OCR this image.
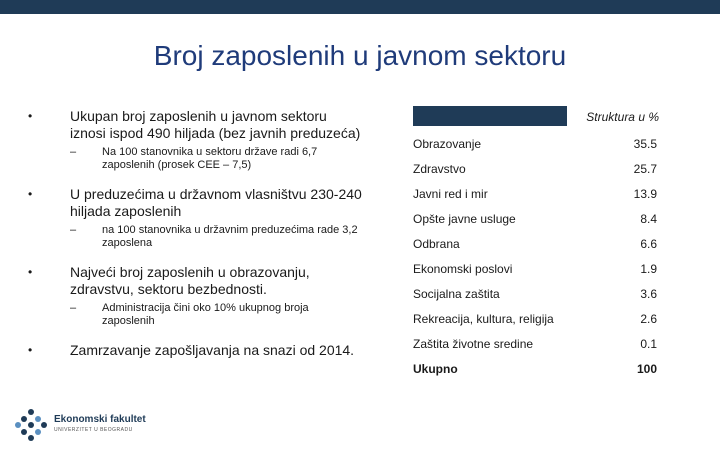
Broj zaposlenih u javnom sektoru
•	Ukupan broj zaposlenih u javnom sektoru iznosi ispod 490 hiljada (bez javnih preduzeća)
–	Na 100 stanovnika u sektoru države radi 6,7 zaposlenih (prosek CEE – 7,5)
•	U preduzećima u državnom vlasništvu 230-240 hiljada zaposlenih
–	na 100 stanovnika u državnim preduzećima rade 3,2 zaposlena
•	Najveći broj zaposlenih u obrazovanju, zdravstvu, sektoru bezbednosti.
–	Administracija čini oko 10% ukupnog broja zaposlenih
•	Zamrzavanje zapošljavanja na snazi od 2014.
Struktura u %
Obrazovanje	35.5
Zdravstvo	25.7
Javni red i mir	13.9
Opšte javne usluge	8.4
Odbrana	6.6
Ekonomski poslovi	1.9
Socijalna zaštita	3.6
Rekreacija, kultura, religija	2.6
Zaštita životne sredine	0.1
Ukupno	100
Ekonomski fakultet
UNIVERZITET U BEOGRADU
